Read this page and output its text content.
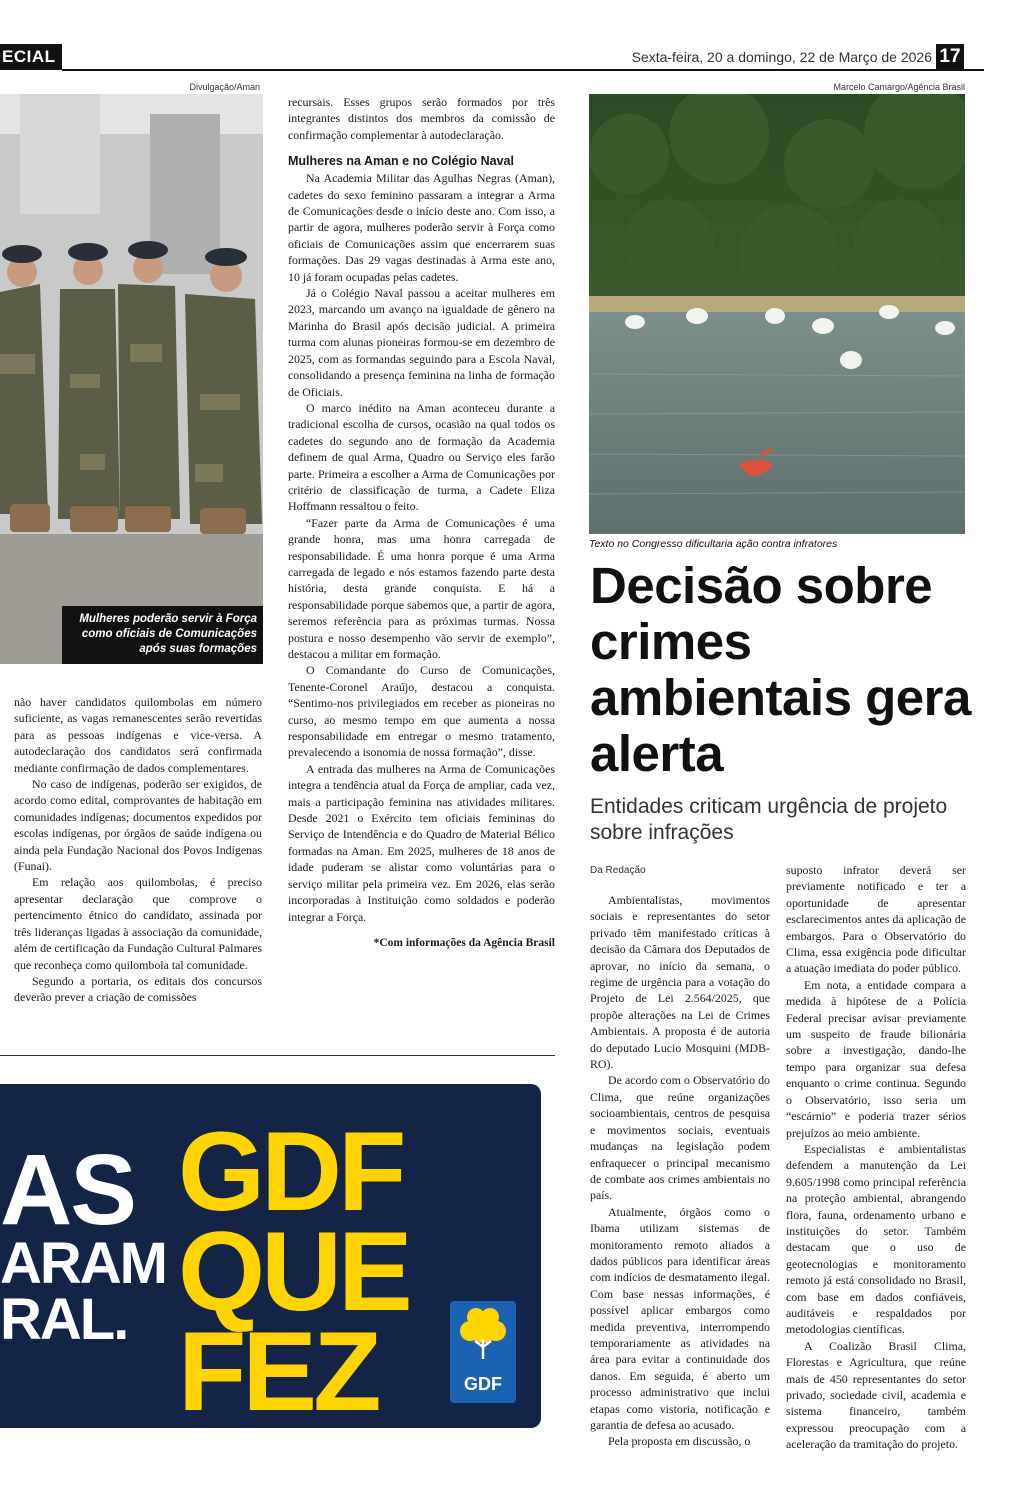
ECIAL	Sexta-feira, 20 a domingo, 22 de Março de 2026 17
Divulgação/Aman
Mulheres poderão servir à Força como oficiais de Comunicações após suas formações

não haver candidatos quilombolas em número suficiente, as vagas remanescentes serão revertidas para as pessoas indígenas e vice-versa. A autodeclaração dos candidatos será confirmada mediante confirmação de dados complementares.

No caso de indígenas, poderão ser exigidos, de acordo como edital, comprovantes de habitação em comunidades indígenas; documentos expedidos por escolas indígenas, por órgãos de saúde indígena ou ainda pela Fundação Nacional dos Povos Indígenas (Funai).

Em relação aos quilombolas, é preciso apresentar declaração que comprove o pertencimento étnico do candidato, assinada por três lideranças ligadas à associação da comunidade, além de certificação da Fundação Cultural Palmares que reconheça como quilombola tal comunidade.

Segundo a portaria, os editais dos concursos deverão prever a criação de comissões

recursais. Esses grupos serão formados por três integrantes distintos dos membros da comissão de confirmação complementar à autodeclaração.

Mulheres na Aman e no Colégio Naval

Na Academia Militar das Agulhas Negras (Aman), cadetes do sexo feminino passaram a integrar a Arma de Comunicações desde o início deste ano. Com isso, a partir de agora, mulheres poderão servir à Força como oficiais de Comunicações assim que encerrarem suas formações. Das 29 vagas destinadas à Arma este ano, 10 já foram ocupadas pelas cadetes.

Já o Colégio Naval passou a aceitar mulheres em 2023, marcando um avanço na igualdade de gênero na Marinha do Brasil após decisão judicial. A primeira turma com alunas pioneiras formou-se em dezembro de 2025, com as formandas seguindo para a Escola Naval, consolidando a presença feminina na linha de formação de Oficiais.

O marco inédito na Aman aconteceu durante a tradicional escolha de cursos, ocasião na qual todos os cadetes do segundo ano de formação da Academia definem de qual Arma, Quadro ou Serviço eles farão parte. Primeira a escolher a Arma de Comunicações por critério de classificação de turma, a Cadete Eliza Hoffmann ressaltou o feito.

“Fazer parte da Arma de Comunicações é uma grande honra, mas uma honra carregada de responsabilidade. É uma honra porque é uma Arma carregada de legado e nós estamos fazendo parte desta história, desta grande conquista. E há a responsabilidade porque sabemos que, a partir de agora, seremos referência para as próximas turmas. Nossa postura e nosso desempenho vão servir de exemplo”, destacou a militar em formação.

O Comandante do Curso de Comunicações, Tenente-Coronel Araújo, destacou a conquista. “Sentimo-nos privilegiados em receber as pioneiras no curso, ao mesmo tempo em que aumenta a nossa responsabilidade em entregar o mesmo tratamento, prevalecendo a isonomia de nossa formação”, disse.

A entrada das mulheres na Arma de Comunicações integra a tendência atual da Força de ampliar, cada vez, mais a participação feminina nas atividades militares. Desde 2021 o Exército tem oficiais femininas do Serviço de Intendência e do Quadro de Material Bélico formadas na Aman. Em 2025, mulheres de 18 anos de idade puderam se alistar como voluntárias para o serviço militar pela primeira vez. Em 2026, elas serão incorporadas à Instituição como soldados e poderão integrar a Força.

*Com informações da Agência Brasil
Marcelo Camargo/Agência Brasil
Texto no Congresso dificultaria ação contra infratores
Decisão sobre crimes ambientais gera alerta
Entidades criticam urgência de projeto sobre infrações
Da Redação

Ambientalistas, movimentos sociais e representantes do setor privado têm manifestado críticas à decisão da Câmara dos Deputados de aprovar, no início da semana, o regime de urgência para a votação do Projeto de Lei 2.564/2025, que propõe alterações na Lei de Crimes Ambientais. A proposta é de autoria do deputado Lucio Mosquini (MDB-RO).

De acordo com o Observatório do Clima, que reúne organizações socioambientais, centros de pesquisa e movimentos sociais, eventuais mudanças na legislação podem enfraquecer o principal mecanismo de combate aos crimes ambientais no país.

Atualmente, órgãos como o Ibama utilizam sistemas de monitoramento remoto aliados a dados públicos para identificar áreas com indícios de desmatamento ilegal. Com base nessas informações, é possível aplicar embargos como medida preventiva, interrompendo temporariamente as atividades na área para evitar a continuidade dos danos. Em seguida, é aberto um processo administrativo que inclui etapas como vistoria, notificação e garantia de defesa ao acusado.

Pela proposta em discussão, o

suposto infrator deverá ser previamente notificado e ter a oportunidade de apresentar esclarecimentos antes da aplicação de embargos. Para o Observatório do Clima, essa exigência pode dificultar a atuação imediata do poder público.

Em nota, a entidade compara a medida à hipótese de a Polícia Federal precisar avisar previamente um suspeito de fraude bilionária sobre a investigação, dando-lhe tempo para organizar sua defesa enquanto o crime continua. Segundo o Observatório, isso seria um “escárnio” e poderia trazer sérios prejuízos ao meio ambiente.

Especialistas e ambientalistas defendem a manutenção da Lei 9.605/1998 como principal referência na proteção ambiental, abrangendo flora, fauna, ordenamento urbano e instituições do setor. Também destacam que o uso de geotecnologias e monitoramento remoto já está consolidado no Brasil, com base em dados confiáveis, auditáveis e respaldados por metodologias científicas.

A Coalizão Brasil Clima, Florestas e Agricultura, que reúne mais de 450 representantes do setor privado, sociedade civil, academia e sistema financeiro, também expressou preocupação com a aceleração da tramitação do projeto.

AS
ARAM
RAL.
GDF
QUE
FEZ	GDF
